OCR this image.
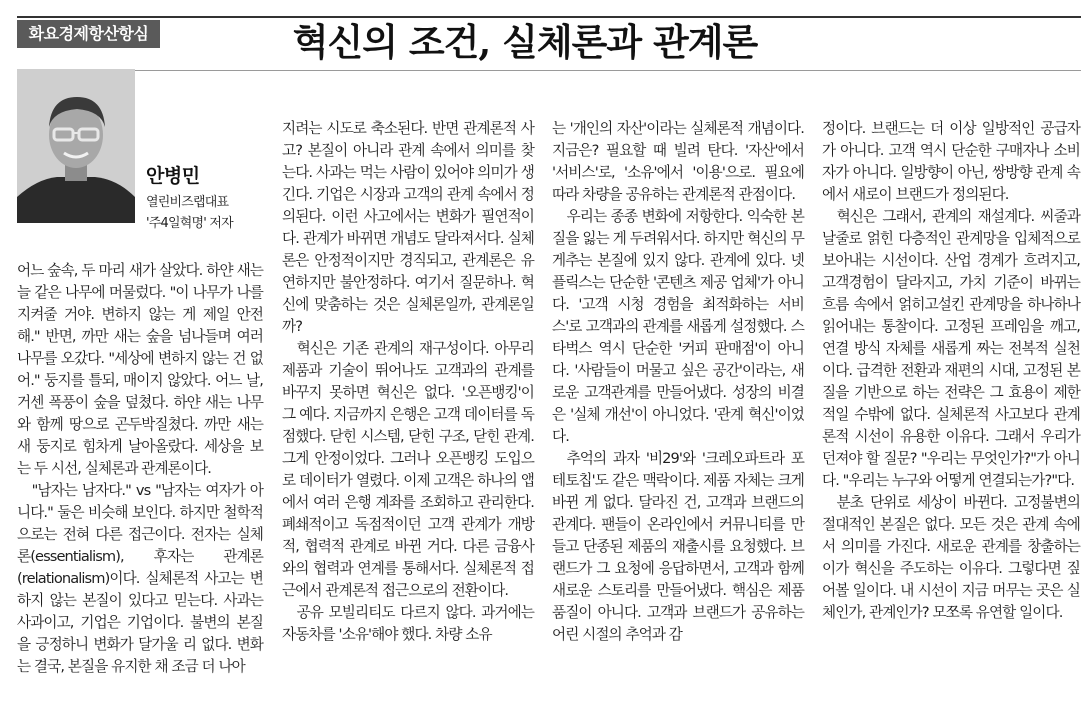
화요경제항산항심	혁신의 조건, 실체론과 관계론
안병민
열린비즈랩대표
'주4일혁명' 저자

어느 숲속, 두 마리 새가 살았다. 하얀 새는 늘 같은 나무에 머물렀다. "이 나무가 나를 지켜줄 거야. 변하지 않는 게 제일 안전해." 반면, 까만 새는 숲을 넘나들며 여러 나무를 오갔다. "세상에 변하지 않는 건 없어." 둥지를 틀되, 매이지 않았다. 어느 날, 거센 폭풍이 숲을 덮쳤다. 하얀 새는 나무와 함께 땅으로 곤두박질쳤다. 까만 새는 새 둥지로 힘차게 날아올랐다. 세상을 보는 두 시선, 실체론과 관계론이다.

"남자는 남자다." vs "남자는 여자가 아니다." 둘은 비슷해 보인다. 하지만 철학적으로는 전혀 다른 접근이다. 전자는 실체론(essentialism), 후자는 관계론(relationalism)이다. 실체론적 사고는 변하지 않는 본질이 있다고 믿는다. 사과는 사과이고, 기업은 기업이다. 불변의 본질을 긍정하니 변화가 달가울 리 없다. 변화는 결국, 본질을 유지한 채 조금 더 나아

지려는 시도로 축소된다. 반면 관계론적 사고? 본질이 아니라 관계 속에서 의미를 찾는다. 사과는 먹는 사람이 있어야 의미가 생긴다. 기업은 시장과 고객의 관계 속에서 정의된다. 이런 사고에서는 변화가 필연적이다. 관계가 바뀌면 개념도 달라져서다. 실체론은 안정적이지만 경직되고, 관계론은 유연하지만 불안정하다. 여기서 질문하나. 혁신에 맞춤하는 것은 실체론일까, 관계론일까?

혁신은 기존 관계의 재구성이다. 아무리 제품과 기술이 뛰어나도 고객과의 관계를 바꾸지 못하면 혁신은 없다. '오픈뱅킹'이 그 예다. 지금까지 은행은 고객 데이터를 독점했다. 닫힌 시스템, 닫힌 구조, 닫힌 관계. 그게 안정이었다. 그러나 오픈뱅킹 도입으로 데이터가 열렸다. 이제 고객은 하나의 앱에서 여러 은행 계좌를 조회하고 관리한다. 폐쇄적이고 독점적이던 고객 관계가 개방적, 협력적 관계로 바뀐 거다. 다른 금융사와의 협력과 연계를 통해서다. 실체론적 접근에서 관계론적 접근으로의 전환이다.

공유 모빌리티도 다르지 않다. 과거에는 자동차를 '소유'해야 했다. 차량 소유

는 '개인의 자산'이라는 실체론적 개념이다. 지금은? 필요할 때 빌려 탄다. '자산'에서 '서비스'로, '소유'에서 '이용'으로. 필요에 따라 차량을 공유하는 관계론적 관점이다.

우리는 종종 변화에 저항한다. 익숙한 본질을 잃는 게 두려워서다. 하지만 혁신의 무게추는 본질에 있지 않다. 관계에 있다. 넷플릭스는 단순한 '콘텐츠 제공 업체'가 아니다. '고객 시청 경험을 최적화하는 서비스'로 고객과의 관계를 새롭게 설정했다. 스타벅스 역시 단순한 '커피 판매점'이 아니다. '사람들이 머물고 싶은 공간'이라는, 새로운 고객관계를 만들어냈다. 성장의 비결은 '실체 개선'이 아니었다. '관계 혁신'이었다.

추억의 과자 '비29'와 '크레오파트라 포테토칩'도 같은 맥락이다. 제품 자체는 크게 바뀐 게 없다. 달라진 건, 고객과 브랜드의 관계다. 팬들이 온라인에서 커뮤니티를 만들고 단종된 제품의 재출시를 요청했다. 브랜드가 그 요청에 응답하면서, 고객과 함께 새로운 스토리를 만들어냈다. 핵심은 제품 품질이 아니다. 고객과 브랜드가 공유하는 어린 시절의 추억과 감

정이다. 브랜드는 더 이상 일방적인 공급자가 아니다. 고객 역시 단순한 구매자나 소비자가 아니다. 일방향이 아닌, 쌍방향 관계 속에서 새로이 브랜드가 정의된다.

혁신은 그래서, 관계의 재설계다. 씨줄과 날줄로 얽힌 다층적인 관계망을 입체적으로 보아내는 시선이다. 산업 경계가 흐려지고, 고객경험이 달라지고, 가치 기준이 바뀌는 흐름 속에서 얽히고설킨 관계망을 하나하나 읽어내는 통찰이다. 고정된 프레임을 깨고, 연결 방식 자체를 새롭게 짜는 전복적 실천이다. 급격한 전환과 재편의 시대, 고정된 본질을 기반으로 하는 전략은 그 효용이 제한적일 수밖에 없다. 실체론적 사고보다 관계론적 시선이 유용한 이유다. 그래서 우리가 던져야 할 질문? "우리는 무엇인가?"가 아니다. "우리는 누구와 어떻게 연결되는가?"다.

분초 단위로 세상이 바뀐다. 고정불변의 절대적인 본질은 없다. 모든 것은 관계 속에서 의미를 가진다. 새로운 관계를 창출하는 이가 혁신을 주도하는 이유다. 그렇다면 짚어볼 일이다. 내 시선이 지금 머무는 곳은 실체인가, 관계인가? 모쪼록 유연할 일이다.
